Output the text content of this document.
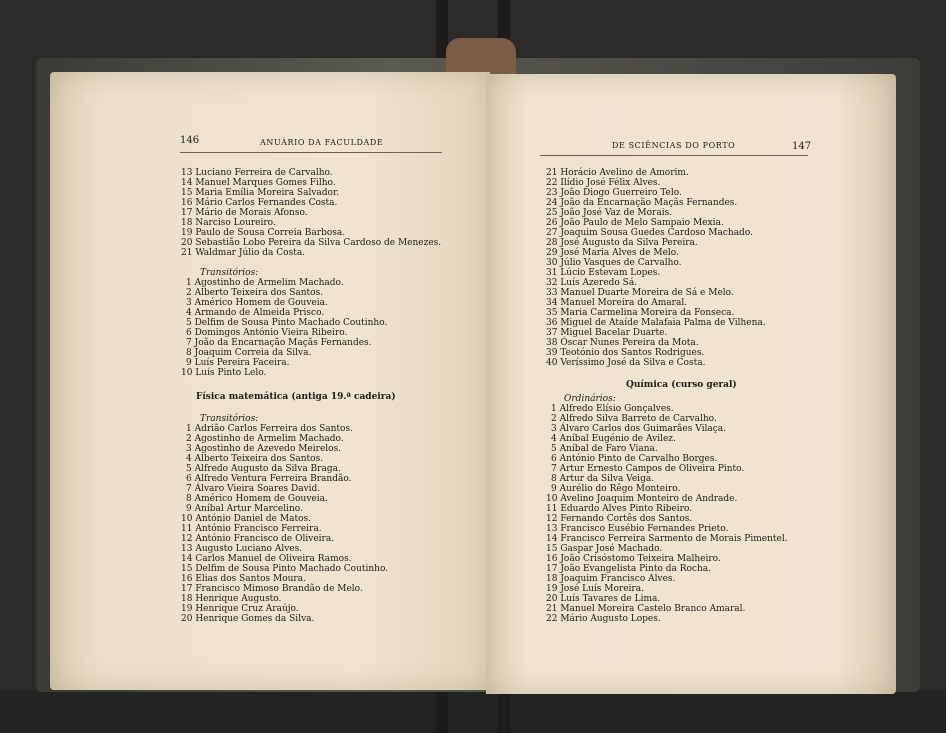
146	ANUÁRIO DA FACULDADE
13 Luciano Ferreira de Carvalho.
14 Manuel Marques Gomes Filho.
15 Maria Emília Moreira Salvador.
16 Mário Carlos Fernandes Costa.
17 Mário de Morais Afonso.
18 Narciso Loureiro.
19 Paulo de Sousa Correia Barbosa.
20 Sebastião Lobo Pereira da Silva Cardoso de Menezes.
21 Waldmar Júlio da Costa.
Transitórios:
1 Agostinho de Armelim Machado.
2 Alberto Teixeira dos Santos.
3 Américo Homem de Gouveia.
4 Armando de Almeida Prisco.
5 Delfim de Sousa Pinto Machado Coutinho.
6 Domingos António Vieira Ribeiro.
7 João da Encarnação Maçãs Fernandes.
8 Joaquim Correia da Silva.
9 Luís Pereira Faceira.
10 Luís Pinto Lelo.
Física matemática (antiga 19.ª cadeira)
Transitórios:
1 Adrião Carlos Ferreira dos Santos.
2 Agostinho de Armelim Machado.
3 Agostinho de Azevedo Meirelos.
4 Alberto Teixeira dos Santos.
5 Alfredo Augusto da Silva Braga.
6 Alfredo Ventura Ferreira Brandão.
7 Álvaro Vieira Soares David.
8 Américo Homem de Gouveia.
9 Aníbal Artur Marcelino.
10 António Daniel de Matos.
11 António Francisco Ferreira.
12 António Francisco de Oliveira.
13 Augusto Luciano Alves.
14 Carlos Manuel de Oliveira Ramos.
15 Delfim de Sousa Pinto Machado Coutinho.
16 Elias dos Santos Moura.
17 Francisco Mimoso Brandão de Melo.
18 Henrique Augusto.
19 Henrique Cruz Araújo.
20 Henrique Gomes da Silva.
DE SCIÊNCIAS DO PORTO	147
21 Horácio Avelino de Amorim.
22 Ilídio José Félix Alves.
23 João Diogo Guerreiro Telo.
24 João da Encarnação Maçãs Fernandes.
25 João José Vaz de Morais.
26 João Paulo de Melo Sampaio Mexia.
27 Joaquim Sousa Guedes Cardoso Machado.
28 José Augusto da Silva Pereira.
29 José Maria Alves de Melo.
30 Júlio Vasques de Carvalho.
31 Lúcio Estevam Lopes.
32 Luís Azeredo Sá.
33 Manuel Duarte Moreira de Sá e Melo.
34 Manuel Moreira do Amaral.
35 Maria Carmelina Moreira da Fonseca.
36 Miguel de Ataíde Malafaia Palma de Vilhena.
37 Miguel Bacelar Duarte.
38 Óscar Nunes Pereira da Mota.
39 Teotónio dos Santos Rodrigues.
40 Veríssimo José da Silva e Costa.
Química (curso geral)
Ordinários:
1 Alfredo Elísio Gonçalves.
2 Alfredo Silva Barreto de Carvalho.
3 Álvaro Carlos dos Guimarães Vilaça.
4 Aníbal Eugénio de Avilez.
5 Aníbal de Faro Viana.
6 António Pinto de Carvalho Borges.
7 Artur Ernesto Campos de Oliveira Pinto.
8 Artur da Silva Veiga.
9 Aurélio do Rêgo Monteiro.
10 Avelino Joaquim Monteiro de Andrade.
11 Eduardo Alves Pinto Ribeiro.
12 Fernando Cortês dos Santos.
13 Francisco Eusébio Fernandes Prieto.
14 Francisco Ferreira Sarmento de Morais Pimentel.
15 Gaspar José Machado.
16 João Crisóstomo Teixeira Malheiro.
17 João Evangelista Pinto da Rocha.
18 Joaquim Francisco Alves.
19 José Luís Moreira.
20 Luís Tavares de Lima.
21 Manuel Moreira Castelo Branco Amaral.
22 Mário Augusto Lopes.
